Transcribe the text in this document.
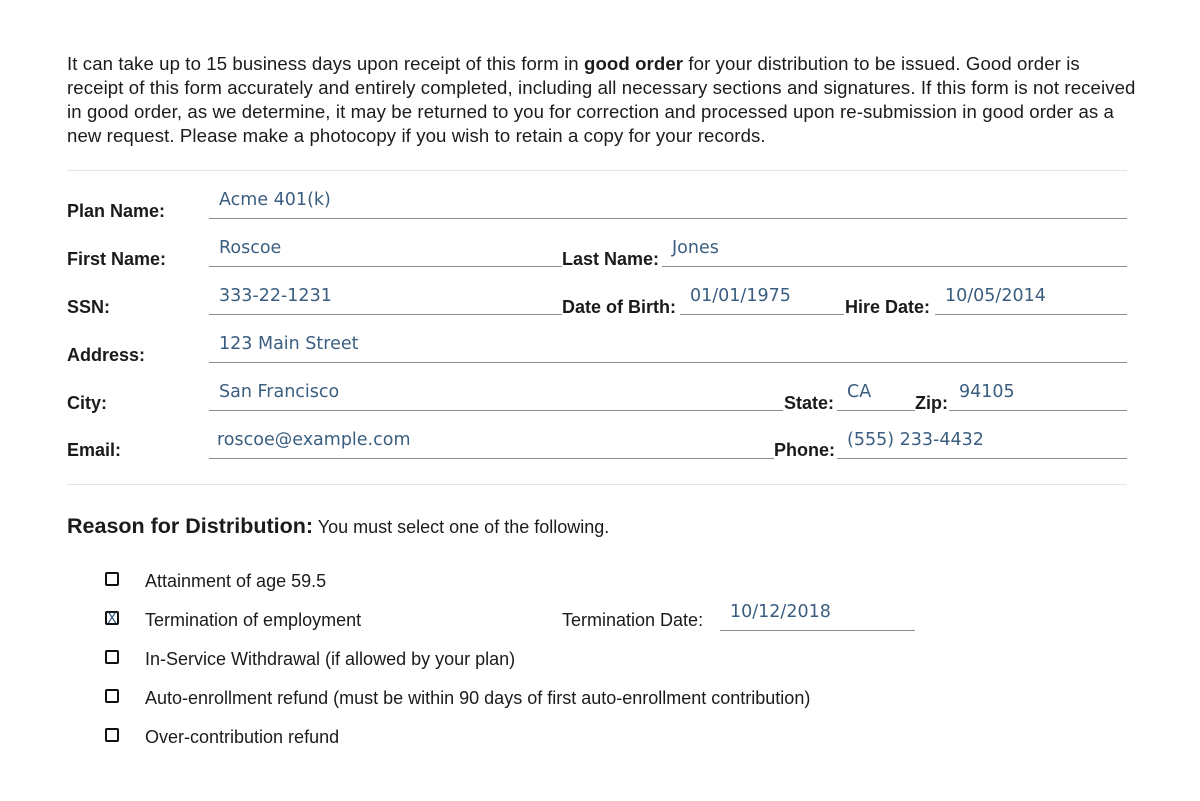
It can take up to 15 business days upon receipt of this form in good order for your distribution to be issued. Good order is receipt of this form accurately and entirely completed, including all necessary sections and signatures. If this form is not received in good order, as we determine, it may be returned to you for correction and processed upon re-submission in good order as a new request. Please make a photocopy if you wish to retain a copy for your records.

Plan Name:
Acme 401(k)
First Name:
Roscoe
Last Name:
Jones
SSN:
333-22-1231
Date of Birth:
01/01/1975
Hire Date:
10/05/2014
Address:
123 Main Street
City:
San Francisco
State:
CA
Zip:
94105
Email:	roscoe@example.com	Phone: (555) 233-4432
Reason for Distribution: You must select one of the following.
Attainment of age 59.5
X Termination of employment	Termination Date: 10/12/2018
In-Service Withdrawal (if allowed by your plan)
Auto-enrollment refund (must be within 90 days of first auto-enrollment contribution)
Over-contribution refund
